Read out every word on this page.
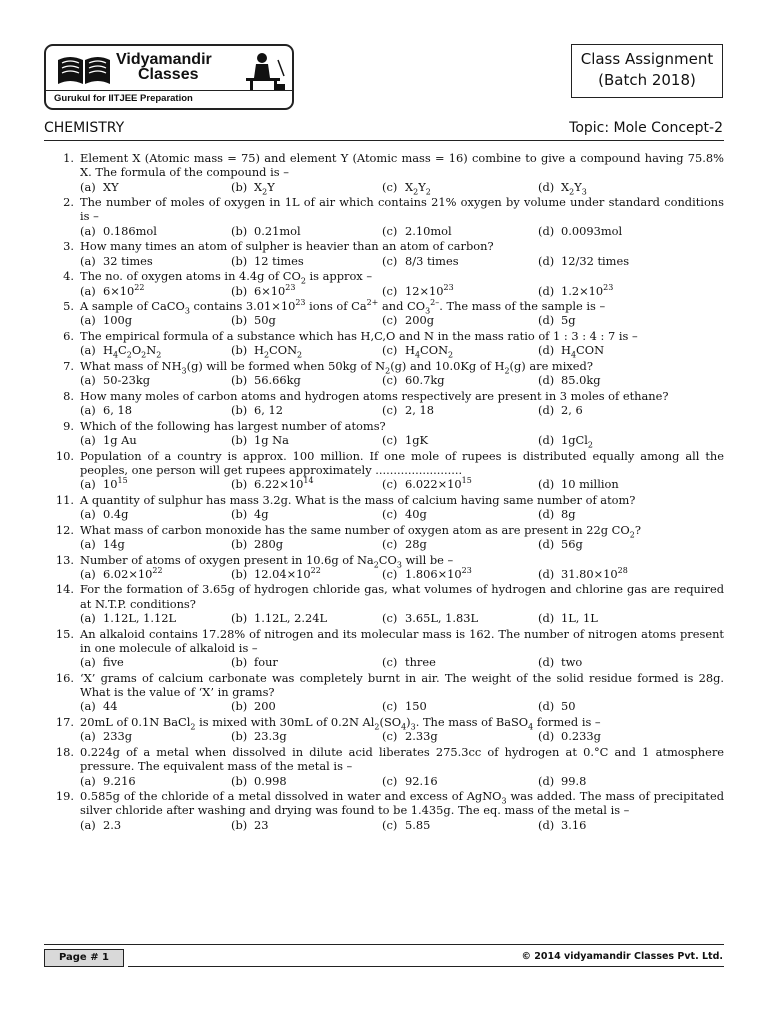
Vidyamandir
Classes
Gurukul for IITJEE Preparation
Class Assignment
(Batch 2018)
CHEMISTRY	Topic: Mole Concept-2
1. Element X (Atomic mass = 75) and element Y (Atomic mass = 16) combine to give a compound having 75.8% X. The formula of the compound is –
(a) XY	(b) $X_2Y$	(c) $X_2Y_2$	(d) $X_2Y_3$
2. The number of moles of oxygen in 1L of air which contains 21% oxygen by volume under standard conditions is –
(a) 0.186mol	(b) 0.21mol	(c) 2.10mol	(d) 0.0093mol
3. How many times an atom of sulpher is heavier than an atom of carbon?
(a) 32 times	(b) 12 times	(c) 8/3 times	(d) 12/32 times
4. The no. of oxygen atoms in 4.4g of $CO_2$ is approx –
(a) $6\times 10^{22}$	(b) $6\times 10^{23}$	(c) $12\times 10^{23}$	(d) $1.2\times 10^{23}$
5. A sample of CaCO$_3$ contains $3.01\times 10^{23}$ ions of $Ca^{2+}$ and $CO_3^{2-}$. The mass of the sample is –
(a) 100g	(b) 50g	(c) 200g	(d) 5g
6. The empirical formula of a substance which has H,C,O and N in the mass ratio of 1 : 3 : 4 : 7 is –
(a) $H_4C_2O_2N_2$	(b) $H_2CON_2$	(c) $H_4CON_2$	(d) $H_4CON$
7. What mass of $NH_3(g)$ will be formed when 50kg of $N_2(g)$ and 10.0Kg of $H_2(g)$ are mixed?
(a) 50-23kg	(b) 56.66kg	(c) 60.7kg	(d) 85.0kg
8. How many moles of carbon atoms and hydrogen atoms respectively are present in 3 moles of ethane?
(a) 6, 18	(b) 6, 12	(c) 2, 18	(d) 2, 6
9. Which of the following has largest number of atoms?
(a) 1g Au	(b) 1g Na	(c) 1gK	(d) 1gCl$_2$
10. Population of a country is approx. 100 million. If one mole of rupees is distributed equally among all the peoples, one person will get rupees approximately ........................
(a) $10^{15}$	(b) $6.22\times 10^{14}$	(c) $6.022\times 10^{15}$	(d) 10 million
11. A quantity of sulphur has mass 3.2g. What is the mass of calcium having same number of atom?
(a) 0.4g	(b) 4g	(c) 40g	(d) 8g
12. What mass of carbon monoxide has the same number of oxygen atom as are present in 22g $CO_2$?
(a) 14g	(b) 280g	(c) 28g	(d) 56g
13. Number of atoms of oxygen present in 10.6g of $Na_2CO_3$ will be –
(a) $6.02\times 10^{22}$	(b) $12.04\times 10^{22}$	(c) $1.806\times 10^{23}$	(d) $31.80\times 10^{28}$
14. For the formation of 3.65g of hydrogen chloride gas, what volumes of hydrogen and chlorine gas are required at N.T.P. conditions?
(a) 1.12L, 1.12L	(b) 1.12L, 2.24L	(c) 3.65L, 1.83L	(d) 1L, 1L
15. An alkaloid contains 17.28% of nitrogen and its molecular mass is 162. The number of nitrogen atoms present in one molecule of alkaloid is –
(a) five	(b) four	(c) three	(d) two
16. ‘X’ grams of calcium carbonate was completely burnt in air. The weight of the solid residue formed is 28g. What is the value of ‘X’ in grams?
(a) 44	(b) 200	(c) 150	(d) 50
17. 20mL of 0.1N BaCl$_2$ is mixed with 30mL of 0.2N $Al_2(SO_4)_3$. The mass of BaSO$_4$ formed is –
(a) 233g	(b) 23.3g	(c) 2.33g	(d) 0.233g
18. 0.224g of a metal when dissolved in dilute acid liberates 275.3cc of hydrogen at 0.°C and 1 atmosphere pressure. The equivalent mass of the metal is –
(a) 9.216	(b) 0.998	(c) 92.16	(d) 99.8
19. 0.585g of the chloride of a metal dissolved in water and excess of AgNO$_3$ was added. The mass of precipitated silver chloride after washing and drying was found to be 1.435g. The eq. mass of the metal is –
(a) 2.3	(b) 23	(c) 5.85	(d) 3.16
Page # 1	© 2014 vidyamandir Classes Pvt. Ltd.
